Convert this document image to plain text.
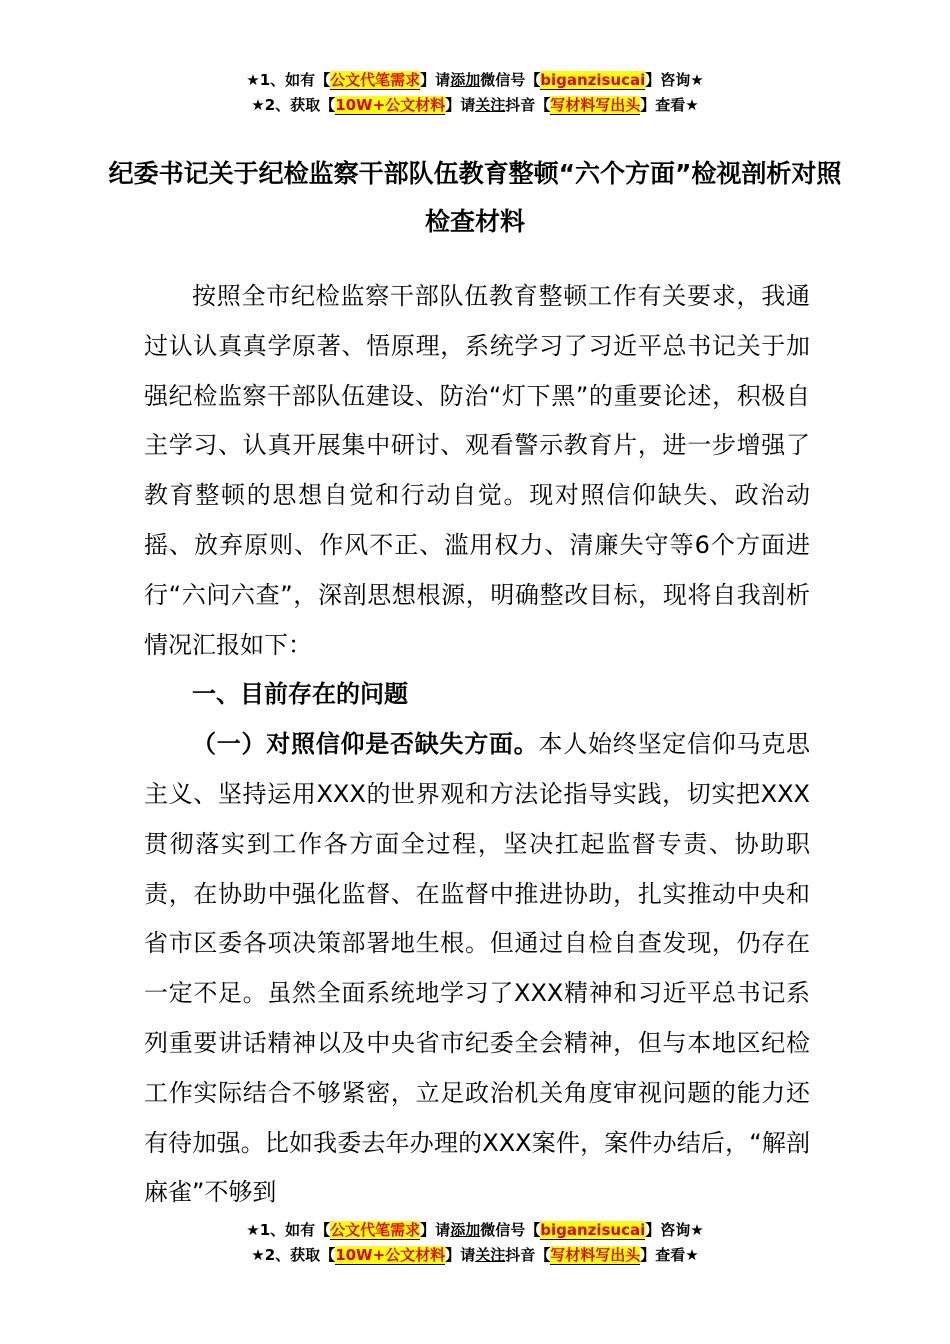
★1、如有【公文代笔需求】请添加微信号【biganzisucai】咨询★
★2、获取【10W+公文材料】请关注抖音【写材料写出头】查看★
纪委书记关于纪检监察干部队伍教育整顿“六个方面”检视剖析对照检查材料

按照全市纪检监察干部队伍教育整顿工作有关要求，我通过认认真真学原著、悟原理，系统学习了习近平总书记关于加强纪检监察干部队伍建设、防治“灯下黑”的重要论述，积极自主学习、认真开展集中研讨、观看警示教育片，进一步增强了教育整顿的思想自觉和行动自觉。现对照信仰缺失、政治动摇、放弃原则、作风不正、滥用权力、清廉失守等6个方面进行“六问六查”，深剖思想根源，明确整改目标，现将自我剖析情况汇报如下：

一、目前存在的问题

（一）对照信仰是否缺失方面。本人始终坚定信仰马克思主义、坚持运用XXX的世界观和方法论指导实践，切实把XXX贯彻落实到工作各方面全过程，坚决扛起监督专责、协助职责，在协助中强化监督、在监督中推进协助，扎实推动中央和省市区委各项决策部署地生根。但通过自检自查发现，仍存在一定不足。虽然全面系统地学习了XXX精神和习近平总书记系列重要讲话精神以及中央省市纪委全会精神，但与本地区纪检工作实际结合不够紧密，立足政治机关角度审视问题的能力还有待加强。比如我委去年办理的XXX案件，案件办结后，“解剖麻雀”不够到

★1、如有【公文代笔需求】请添加微信号【biganzisucai】咨询★
★2、获取【10W+公文材料】请关注抖音【写材料写出头】查看★
